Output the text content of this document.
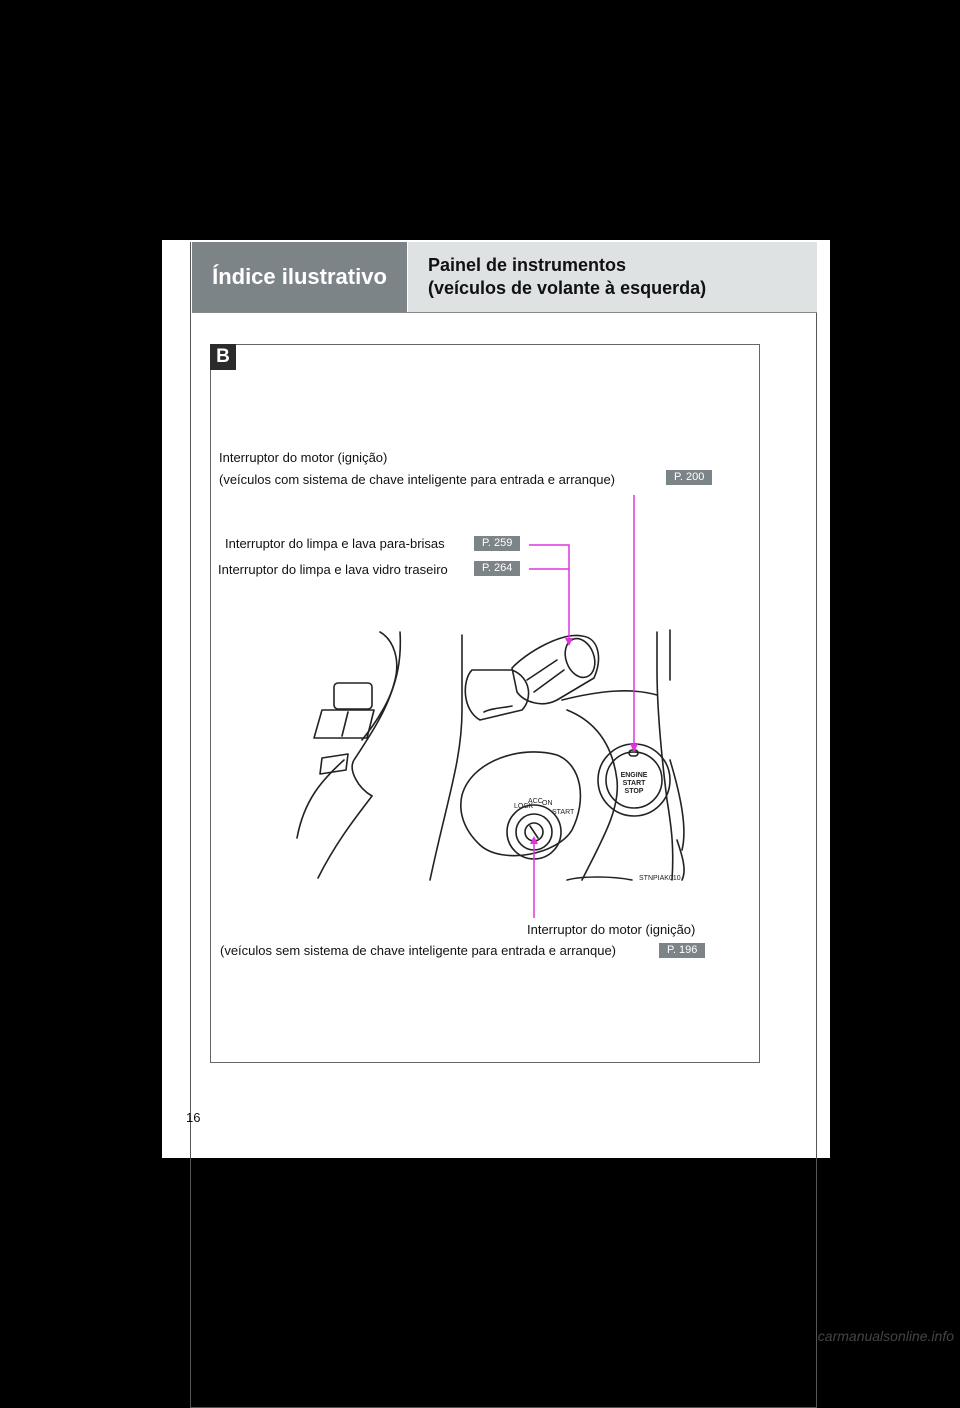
Índice ilustrativo	Painel de instrumentos
(veículos de volante à esquerda)
B
ENGINE
START
STOP
LOCK
ACC ON
START
STNPIAK010
Interruptor do motor (ignição)
(veículos com sistema de chave inteligente para entrada e arranque)	P. 200
Interruptor do limpa e lava para-brisas	P. 259
Interruptor do limpa e lava vidro traseiro	P. 264
Interruptor do motor (ignição)
(veículos sem sistema de chave inteligente para entrada e arranque)	P. 196
16
carmanualsonline.info
